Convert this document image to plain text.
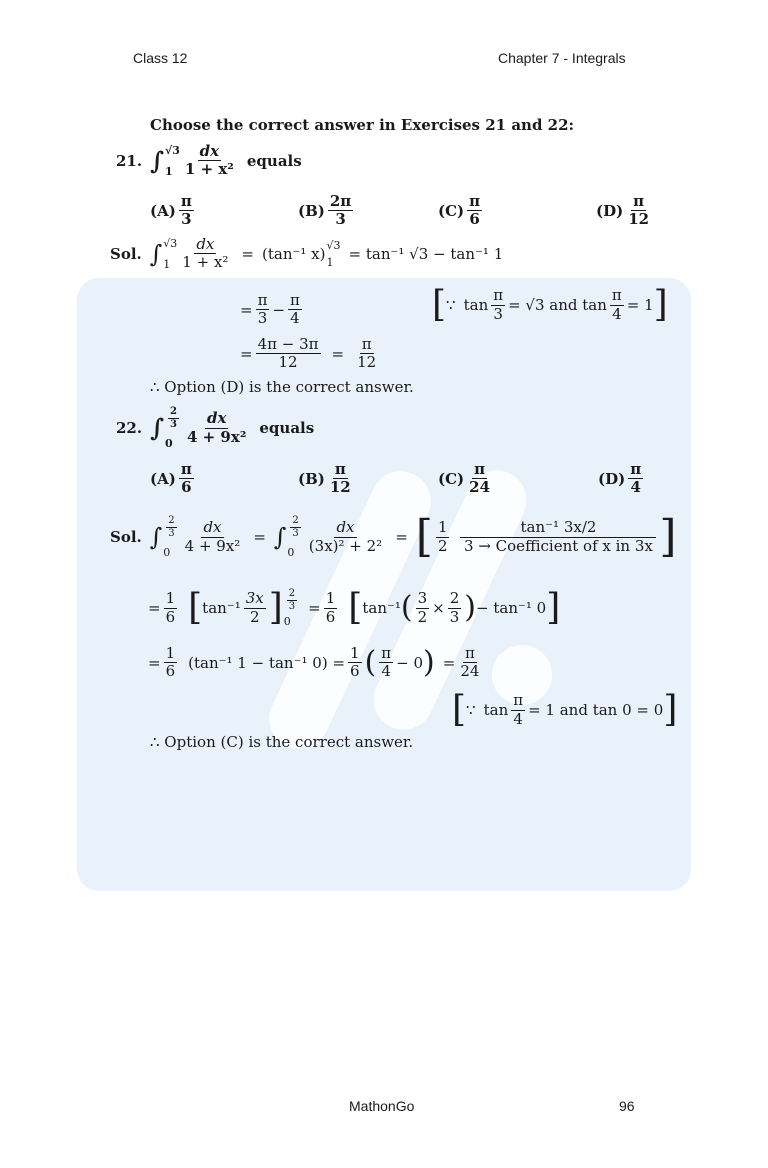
Class 12	Chapter 7 - Integrals
MathonGo	96
Choose the correct answer in Exercises 21 and 22:
21. ∫ √3
1
dx
1 + x² equals
(A)
π
3	(B)
2π
3	(C)
π
6	(D)
π
12
Sol. ∫ √3
1
dx
1 + x² = (tan⁻¹ x) √3
1	= tan⁻¹ √3 − tan⁻¹ 1
= $\frac{\pi}{3} - \frac{\pi}{4}$	[ ∵ $\tan \frac{\pi}{3} = √3$ and $\tan \frac{\pi}{4} = 1$ ]
= $\frac{4\pi - 3\pi}{12}$ =
π
12
∴ Option (D) is the correct answer.
22. ∫
2
3
0
dx
4 + 9x² equals
(A)
π
6	(B)
π
12	(C)
π
24	(D)
π
4
Sol. ∫
2
3
0
dx
4 + 9x² = ∫
2
3
0
dx
(3x)² + 2² = [ 1
2
tan⁻¹ 3x/2
3 → Coefficient of x in 3x ]
= $\frac{1}{6}$ [ tan⁻¹
3x
2 ] 2
3
0
= $\frac{1}{6}$ [ tan⁻¹ ( $\frac{3}{2} \times \frac{2}{3}$ ) − tan⁻¹ 0 ]
= $\frac{1}{6} (\tan^{-1}$ 1 − tan⁻¹ $0) = \frac{1}{6}$ ( π
4 − 0 ) = $\frac{\pi}{24}$
[ ∵ $\tan \frac{\pi}{4} = 1$ and tan 0 = 0 ]
∴ Option (C) is the correct answer.
